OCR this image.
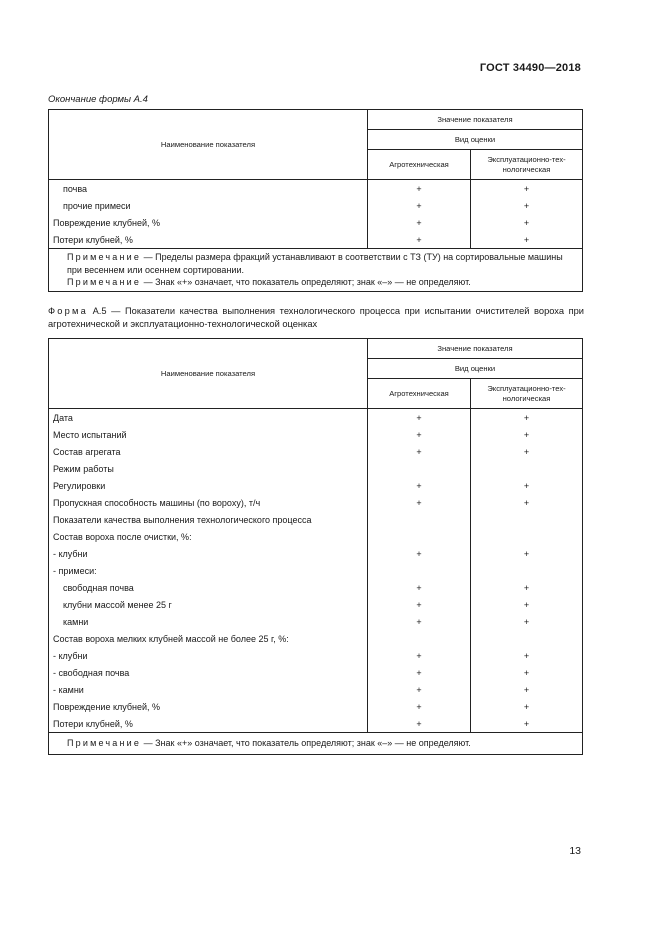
ГОСТ 34490—2018
Окончание формы А.4
Наименование показателя	Значение показателя	
	Вид оценки	
	Агротехническая	Эксплуатационно-тех-
нологическая
почва	+	+
прочие примеси	+	+
Повреждение клубней, %	+	+
Потери клубней, %	+	+
Примечание — Пределы размера фракций устанавливают в соответствии с ТЗ (ТУ) на сортировальные машины при весеннем или осеннем сортировании.
Примечание — Знак «+» означает, что показатель определяют; знак «–» — не определяют.		
Форма А.5 — Показатели качества выполнения технологического процесса при испытании очистителей вороха при агротехнической и эксплуатационно-технологической оценках
Наименование показателя	Значение показателя	
	Вид оценки	
	Агротехническая	Эксплуатационно-тех-
нологическая
Дата	+	+
Место испытаний	+	+
Состав агрегата	+	+
Режим работы		
Регулировки	+	+
Пропускная способность машины (по вороху), т/ч	+	+
Показатели качества выполнения технологического процесса		
Состав вороха после очистки, %:		
- клубни	+	+
- примеси:		
свободная почва	+	+
клубни массой менее 25 г	+	+
камни	+	+
Состав вороха мелких клубней массой не более 25 г, %:		
- клубни	+	+
- свободная почва	+	+
- камни	+	+
Повреждение клубней, %	+	+
Потери клубней, %	+	+
Примечание — Знак «+» означает, что показатель определяют; знак «–» — не определяют.		
13
